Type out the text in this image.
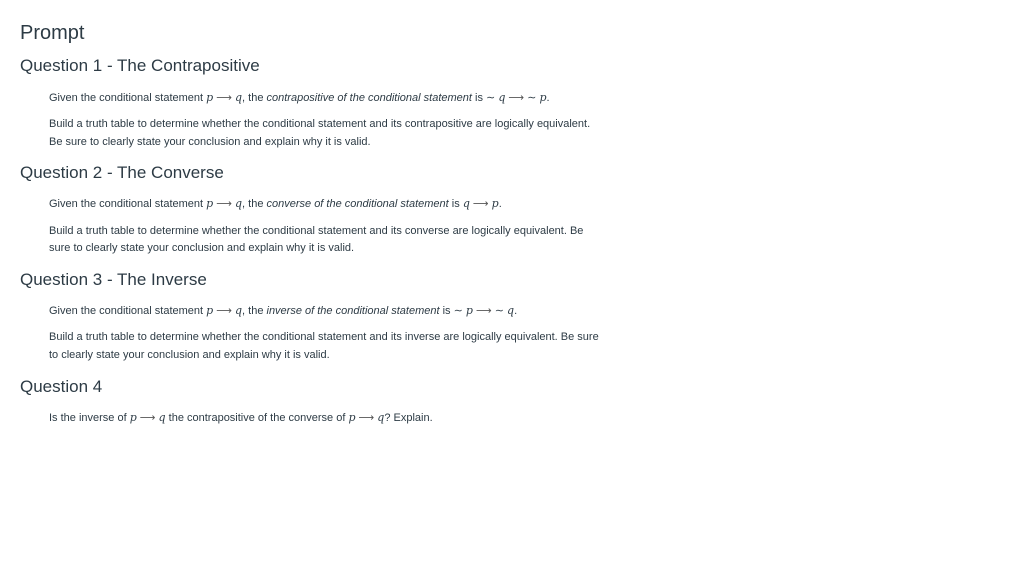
Prompt
Question 1 - The Contrapositive
Given the conditional statement p ⟶ q, the contrapositive of the conditional statement is ∼ q ⟶ ∼ p.
Build a truth table to determine whether the conditional statement and its contrapositive are logically equivalent.
Be sure to clearly state your conclusion and explain why it is valid.
Question 2 - The Converse
Given the conditional statement p ⟶ q, the converse of the conditional statement is q ⟶ p.
Build a truth table to determine whether the conditional statement and its converse are logically equivalent. Be
sure to clearly state your conclusion and explain why it is valid.
Question 3 - The Inverse
Given the conditional statement p ⟶ q, the inverse of the conditional statement is ∼ p ⟶ ∼ q.
Build a truth table to determine whether the conditional statement and its inverse are logically equivalent. Be sure
to clearly state your conclusion and explain why it is valid.
Question 4
Is the inverse of p ⟶ q the contrapositive of the converse of p ⟶ q? Explain.
